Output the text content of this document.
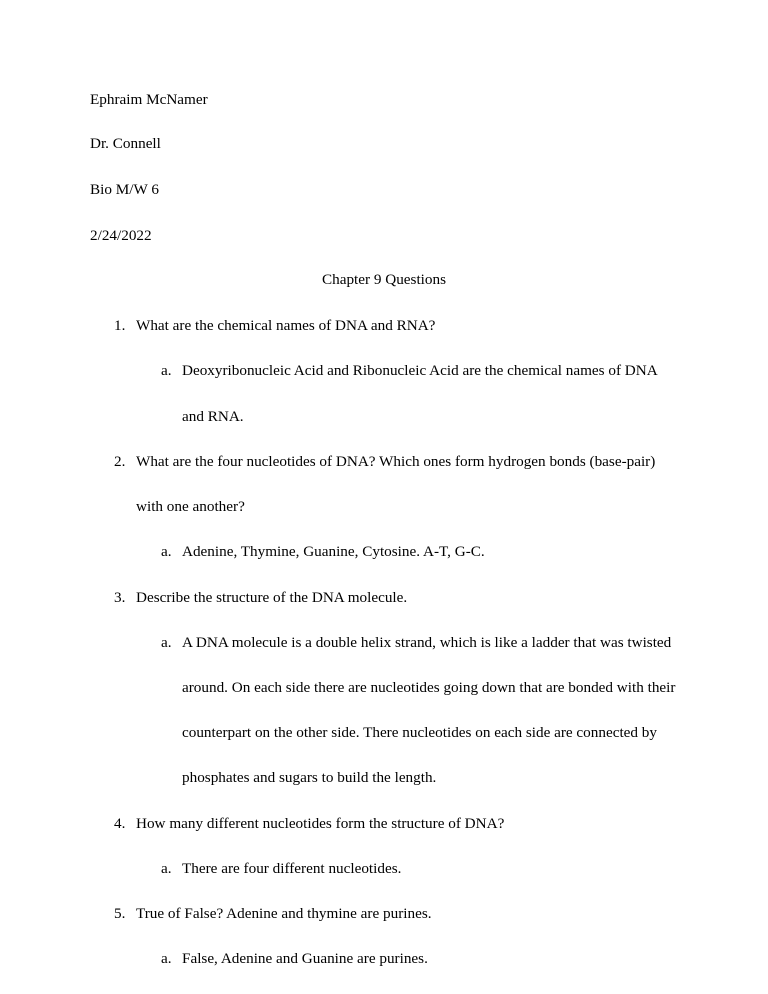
Ephraim McNamer
Dr. Connell
Bio M/W 6
2/24/2022
Chapter 9 Questions
1. What are the chemical names of DNA and RNA?
a. Deoxyribonucleic Acid and Ribonucleic Acid are the chemical names of DNA
and RNA.
2. What are the four nucleotides of DNA? Which ones form hydrogen bonds (base-pair)
with one another?
a. Adenine, Thymine, Guanine, Cytosine. A-T, G-C.
3. Describe the structure of the DNA molecule.
a. A DNA molecule is a double helix strand, which is like a ladder that was twisted
around. On each side there are nucleotides going down that are bonded with their
counterpart on the other side. There nucleotides on each side are connected by
phosphates and sugars to build the length.
4. How many different nucleotides form the structure of DNA?
a. There are four different nucleotides.
5. True of False? Adenine and thymine are purines.
a. False, Adenine and Guanine are purines.
